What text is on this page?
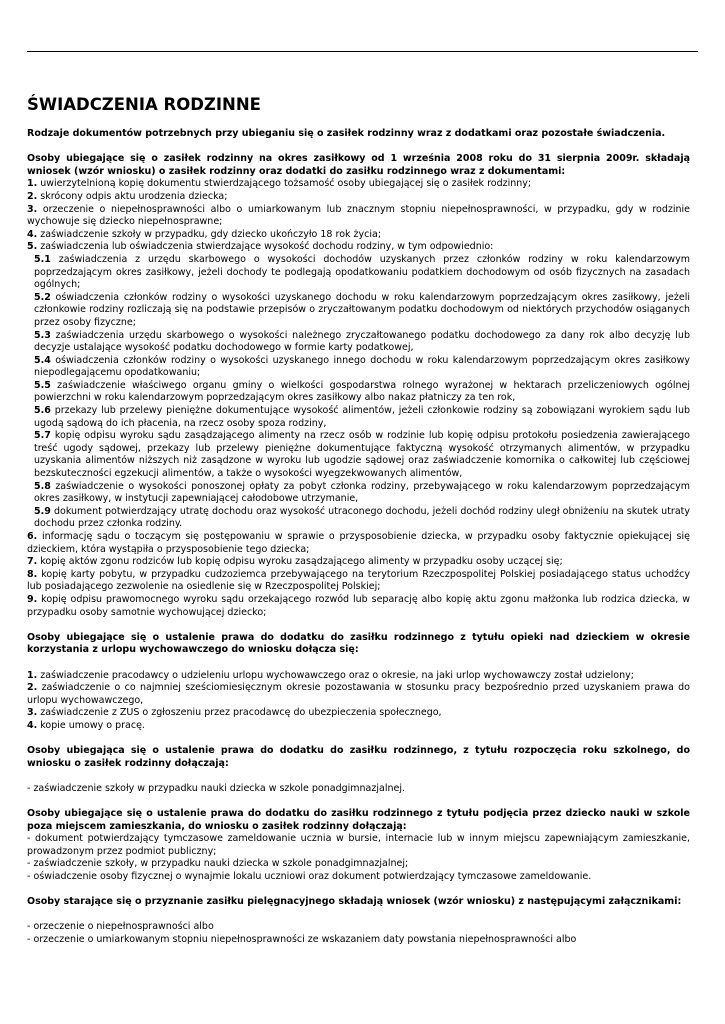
ŚWIADCZENIA RODZINNE

Rodzaje dokumentów potrzebnych przy ubieganiu się o zasiłek rodzinny wraz z dodatkami oraz pozostałe świadczenia.

Osoby ubiegające się o zasiłek rodzinny na okres zasiłkowy od 1 września 2008 roku do 31 sierpnia 2009r. składają wniosek (wzór wniosku) o zasiłek rodzinny oraz dodatki do zasiłku rodzinnego wraz z dokumentami:

1. uwierzytelnioną kopię dokumentu stwierdzającego tożsamość osoby ubiegającej się o zasiłek rodzinny;

2. skrócony odpis aktu urodzenia dziecka;

3. orzeczenie o niepełnosprawności albo o umiarkowanym lub znacznym stopniu niepełnosprawności, w przypadku, gdy w rodzinie wychowuje się dziecko niepełnosprawne;

4. zaświadczenie szkoły w przypadku, gdy dziecko ukończyło 18 rok życia;

5. zaświadczenia lub oświadczenia stwierdzające wysokość dochodu rodziny, w tym odpowiednio:

5.1 zaświadczenia z urzędu skarbowego o wysokości dochodów uzyskanych przez członków rodziny w roku kalendarzowym poprzedzającym okres zasiłkowy, jeżeli dochody te podlegają opodatkowaniu podatkiem dochodowym od osób fizycznych na zasadach ogólnych;

5.2 oświadczenia członków rodziny o wysokości uzyskanego dochodu w roku kalendarzowym poprzedzającym okres zasiłkowy, jeżeli członkowie rodziny rozliczają się na podstawie przepisów o zryczałtowanym podatku dochodowym od niektórych przychodów osiąganych przez osoby fizyczne;

5.3 zaświadczenia urzędu skarbowego o wysokości należnego zryczałtowanego podatku dochodowego za dany rok albo decyzję lub decyzje ustalające wysokość podatku dochodowego w formie karty podatkowej,

5.4 oświadczenia członków rodziny o wysokości uzyskanego innego dochodu w roku kalendarzowym poprzedzającym okres zasiłkowy niepodlegającemu opodatkowaniu;

5.5 zaświadczenie właściwego organu gminy o wielkości gospodarstwa rolnego wyrażonej w hektarach przeliczeniowych ogólnej powierzchni w roku kalendarzowym poprzedzającym okres zasiłkowy albo nakaz płatniczy za ten rok,

5.6 przekazy lub przelewy pieniężne dokumentujące wysokość alimentów, jeżeli członkowie rodziny są zobowiązani wyrokiem sądu lub ugodą sądową do ich płacenia, na rzecz osoby spoza rodziny,

5.7 kopię odpisu wyroku sądu zasądzającego alimenty na rzecz osób w rodzinie lub kopię odpisu protokołu posiedzenia zawierającego treść ugody sądowej, przekazy lub przelewy pieniężne dokumentujące faktyczną wysokość otrzymanych alimentów, w przypadku uzyskania alimentów niższych niż zasądzone w wyroku lub ugodzie sądowej oraz zaświadczenie komornika o całkowitej lub częściowej bezskuteczności egzekucji alimentów, a także o wysokości wyegzekwowanych alimentów,

5.8 zaświadczenie o wysokości ponoszonej opłaty za pobyt członka rodziny, przebywającego w roku kalendarzowym poprzedzającym okres zasiłkowy, w instytucji zapewniającej całodobowe utrzymanie,

5.9 dokument potwierdzający utratę dochodu oraz wysokość utraconego dochodu, jeżeli dochód rodziny uległ obniżeniu na skutek utraty dochodu przez członka rodziny.

6. informację sądu o toczącym się postępowaniu w sprawie o przysposobienie dziecka, w przypadku osoby faktycznie opiekującej się dzieckiem, która wystąpiła o przysposobienie tego dziecka;

7. kopię aktów zgonu rodziców lub kopię odpisu wyroku zasądzającego alimenty w przypadku osoby uczącej się;

8. kopię karty pobytu, w przypadku cudzoziemca przebywającego na terytorium Rzeczpospolitej Polskiej posiadającego status uchodźcy lub posiadającego zezwolenie na osiedlenie się w Rzeczpospolitej Polskiej;

9. kopię odpisu prawomocnego wyroku sądu orzekającego rozwód lub separację albo kopię aktu zgonu małżonka lub rodzica dziecka, w przypadku osoby samotnie wychowującej dziecko;

Osoby ubiegające się o ustalenie prawa do dodatku do zasiłku rodzinnego z tytułu opieki nad dzieckiem w okresie korzystania z urlopu wychowawczego do wniosku dołącza się:

1. zaświadczenie pracodawcy o udzieleniu urlopu wychowawczego oraz o okresie, na jaki urlop wychowawczy został udzielony;

2. zaświadczenie o co najmniej sześciomiesięcznym okresie pozostawania w stosunku pracy bezpośrednio przed uzyskaniem prawa do urlopu wychowawczego,

3. zaświadczenie z ZUS o zgłoszeniu przez pracodawcę do ubezpieczenia społecznego,

4. kopie umowy o pracę.

Osoby ubiegająca się o ustalenie prawa do dodatku do zasiłku rodzinnego, z tytułu rozpoczęcia roku szkolnego, do wniosku o zasiłek rodzinny dołączają:

- zaświadczenie szkoły w przypadku nauki dziecka w szkole ponadgimnazjalnej.

Osoby ubiegające się o ustalenie prawa do dodatku do zasiłku rodzinnego z tytułu podjęcia przez dziecko nauki w szkole poza miejscem zamieszkania, do wniosku o zasiłek rodzinny dołączają:

- dokument potwierdzający tymczasowe zameldowanie ucznia w bursie, internacie lub w innym miejscu zapewniającym zamieszkanie, prowadzonym przez podmiot publiczny;

- zaświadczenie szkoły, w przypadku nauki dziecka w szkole ponadgimnazjalnej;

- oświadczenie osoby fizycznej o wynajmie lokalu uczniowi oraz dokument potwierdzający tymczasowe zameldowanie.

Osoby starające się o przyznanie zasiłku pielęgnacyjnego składają wniosek (wzór wniosku) z następującymi załącznikami:

- orzeczenie o niepełnosprawności albo

- orzeczenie o umiarkowanym stopniu niepełnosprawności ze wskazaniem daty powstania niepełnosprawności albo
